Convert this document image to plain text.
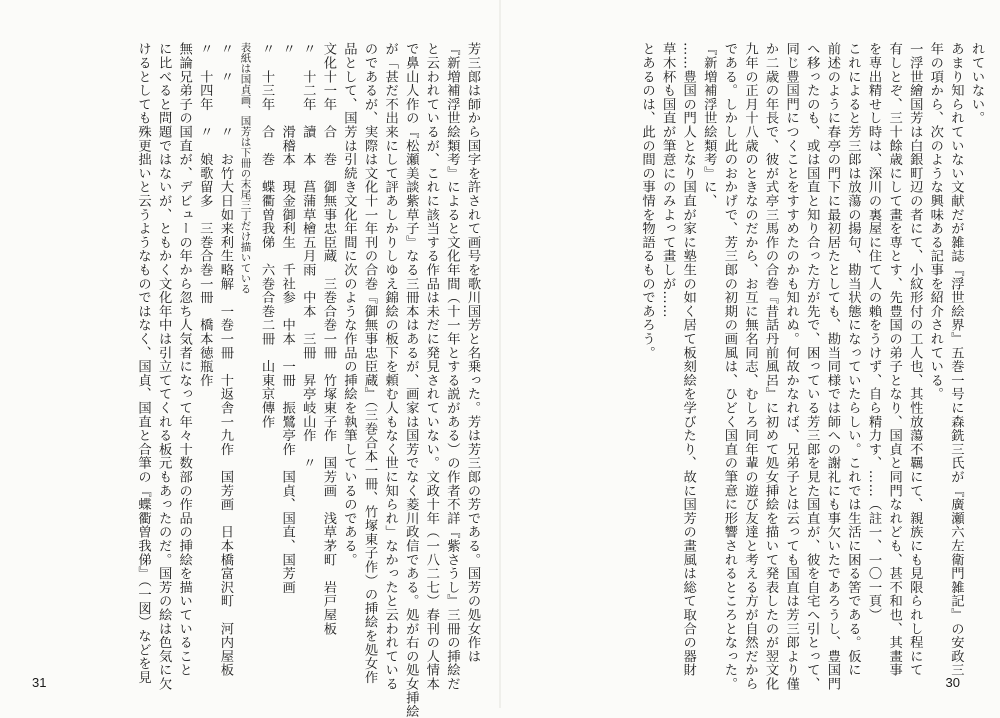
れていない。
あまり知られていない文献だが雑誌『浮世絵界』五巻一号に森銑三氏が『廣瀬六左衛門雑記』の安政三
年の項から、次のような興味ある記事を紹介されている。
一浮世繪国芳は白銀町辺の者にて、小紋形付の工人也、其性放蕩不羈にて、親族にも見限られし程にて
有しとぞ、三十餘歳にして畫を専とす、先豊国の弟子となり、国貞と同門なれども、甚不和也、其畫事
を専出精せし時は、深川の裏屋に住て人の賴をうけず、自ら精力す、……（註一、一〇一頁）
これによると芳三郎は放蕩の揚句、勘当状態になっていたらしい。これでは生活に困る筈である。仮に
前述のように春亭の門下に最初居たとしても、勘当同様では師への謝礼にも事欠いたであろうし、豊国門
へ移ったのも、或は国直と知り合った方が先で、困っている芳三郎を見た国直が、彼を自宅へ引とって、
同じ豊国門につくことをすすめたのかも知れぬ。何故かなれば、兄弟子とは云っても国直は芳三郎より僅
か二歳の年長で、彼が式亭三馬作の合巻『昔話丹前風呂』に初めて処女挿絵を描いて発表したのが翌文化
九年の正月十八歳のときなのだから、お互に無名同志、むしろ同年輩の遊び友達と考える方が自然だから
である。しかし此のおかげで、芳三郎の初期の画風は、ひどく国直の筆意に形響されるところとなった。
『新増補浮世絵類考』に、
……豊国の門人となり国直が家に塾生の如く居て板刻絵を学びたり、故に国芳の畫風は総て取合の器財
草木杯も国直が筆意にのみよって畫しが……
とあるのは、此の間の事情を物語るものであろう。
30
芳三郎は師から国字を許されて画号を歌川国芳と名乗った。芳は芳三郎の芳である。国芳の処女作は
『新増補浮世絵類考』によると文化年間（十一年とする説がある）の作者不詳『紫さうし』三冊の挿絵だ
と云われているが、これに該当する作品は未だに発見されていない。文政十年（一八二七）春刊の人情本
で鼻山人作の『松瀬美談紫草子』なる三冊本はあるが、画家は国芳でなく菱川政信である。処が右の処女挿絵
が「甚だ不出来にして評あしかりしゆえ錦絵の板下を頼む人もなく世に知られ」なかったと云われている
のであるが、実際は文化十一年刊の合巻『御無事忠臣蔵』（三巻合本一冊、竹塚東子作）の挿絵を処女作
品として、国芳は引続き文化年間に次のような作品の挿絵を執筆しているのである。
文化十一年　合　巻　御無事忠臣蔵　三巻合巻一冊　竹塚東子作　国芳画　浅草茅町　岩戸屋板
〃　十二年　讀　本　菖蒲草檜五月雨　中本　三冊　昇亭岐山作　〃
〃　　　　　滑稽本　現金御利生　千社参　中本　一冊　振鷺亭作　国貞、国直、国芳画
〃　十三年　合　巻　蝶衢曽我俤　六巻合巻二冊　山東京傳作
表紙は国貞画、国芳は下冊の末尾三丁だけ描いている
〃　〃　　　〃　お竹大日如来利生略解　一巻一冊　十返舎一九作　国芳画　日本橋富沢町　河内屋板
〃　十四年　〃　娘歌留多　三巻合巻一冊　橋本徳瓶作
無論兄弟子の国直が、デビューの年から忽ち人気者になって年々十数部の作品の挿絵を描いていること
に比べると問題ではないが、ともかく文化年中は引立ててくれる板元もあったのだ。国芳の絵は色気に欠
けるとしても殊更拙いと云うようなものではなく、国貞、国直と合筆の『蝶衢曽我俤』（一図）などを見
31
